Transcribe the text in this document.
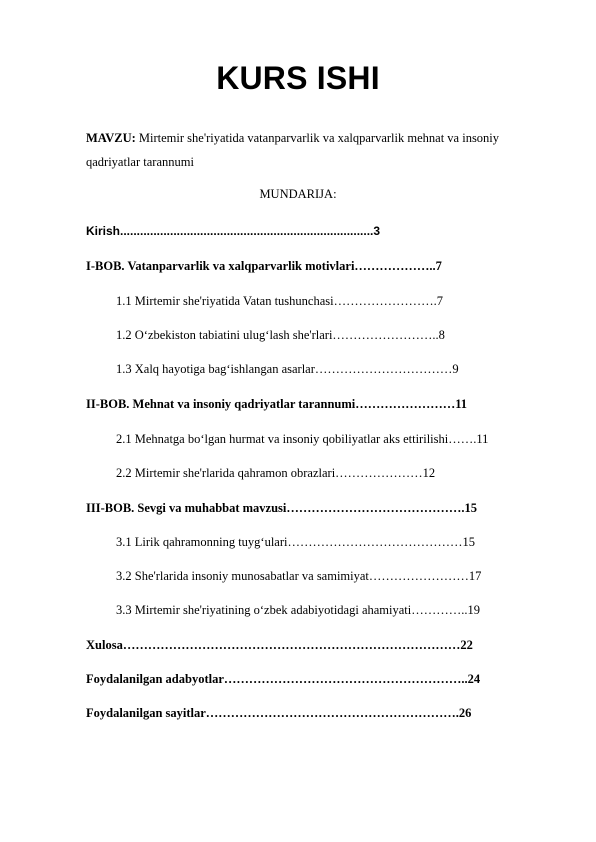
KURS ISHI
MAVZU: Mirtemir she'riyatida vatanparvarlik va xalqparvarlik mehnat va insoniy qadriyatlar tarannumi
MUNDARIJA:
Kirish............................................................................3
I-BOB. Vatanparvarlik va xalqparvarlik motivlari………………..7
1.1 Mirtemir she'riyatida Vatan tushunchasi…………………….7
1.2 O‘zbekiston tabiatini ulug‘lash she'rlari……………………..8
1.3 Xalq hayotiga bag‘ishlangan asarlar……………………………9
II-BOB. Mehnat va insoniy qadriyatlar tarannumi……………………11
2.1 Mehnatga bo‘lgan hurmat va insoniy qobiliyatlar aks ettirilishi…….11
2.2 Mirtemir she'rlarida qahramon obrazlari…………………12
III-BOB. Sevgi va muhabbat mavzusi…………………………………….15
3.1 Lirik qahramonning tuyg‘ulari……………………………………15
3.2 She'rlarida insoniy munosabatlar va samimiyat……………………17
3.3 Mirtemir she'riyatining o‘zbek adabiyotidagi ahamiyati…………..19
Xulosa………………………………………………………………………22
Foydalanilgan adabyotlar…………………………………………………..24
Foydalanilgan sayitlar…………………………………………………….26
